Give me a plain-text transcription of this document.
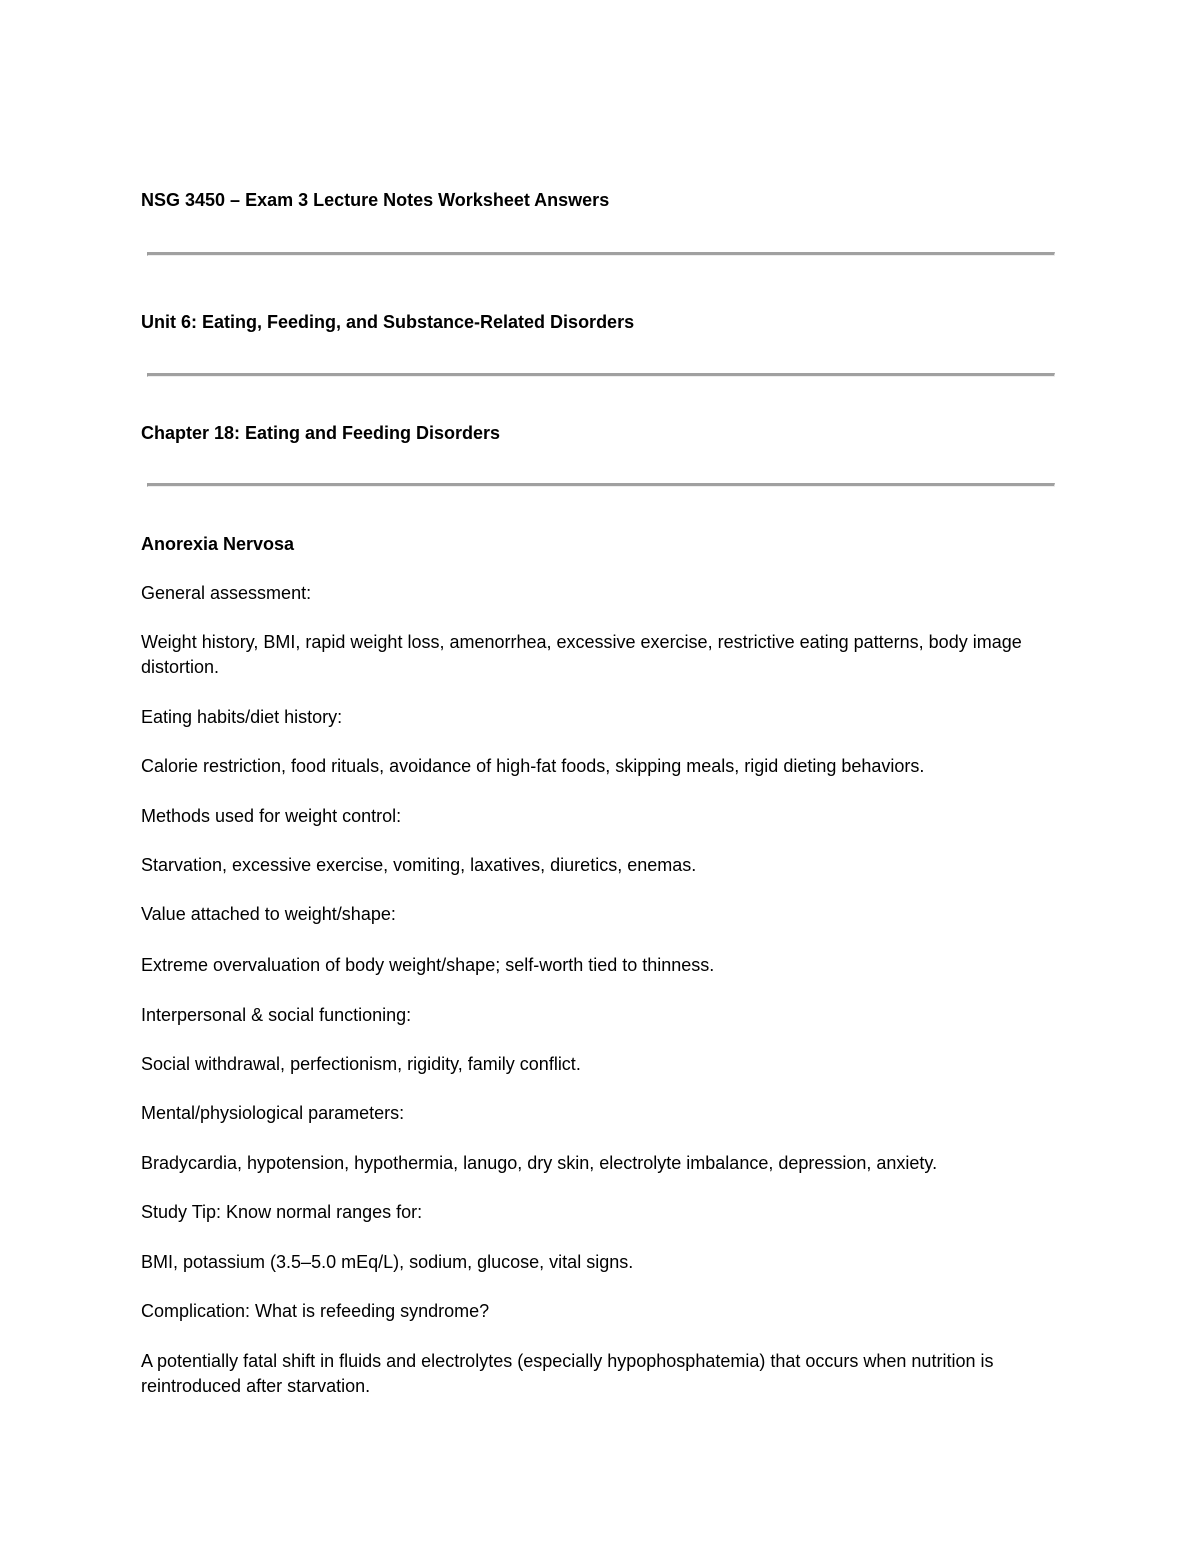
NSG 3450 – Exam 3 Lecture Notes Worksheet Answers
Unit 6: Eating, Feeding, and Substance-Related Disorders
Chapter 18: Eating and Feeding Disorders
Anorexia Nervosa

General assessment:

Weight history, BMI, rapid weight loss, amenorrhea, excessive exercise, restrictive eating patterns, body image distortion.

Eating habits/diet history:

Calorie restriction, food rituals, avoidance of high-fat foods, skipping meals, rigid dieting behaviors.

Methods used for weight control:

Starvation, excessive exercise, vomiting, laxatives, diuretics, enemas.

Value attached to weight/shape:

Extreme overvaluation of body weight/shape; self-worth tied to thinness.

Interpersonal & social functioning:

Social withdrawal, perfectionism, rigidity, family conflict.

Mental/physiological parameters:

Bradycardia, hypotension, hypothermia, lanugo, dry skin, electrolyte imbalance, depression, anxiety.

Study Tip: Know normal ranges for:

BMI, potassium (3.5–5.0 mEq/L), sodium, glucose, vital signs.

Complication: What is refeeding syndrome?

A potentially fatal shift in fluids and electrolytes (especially hypophosphatemia) that occurs when nutrition is reintroduced after starvation.
